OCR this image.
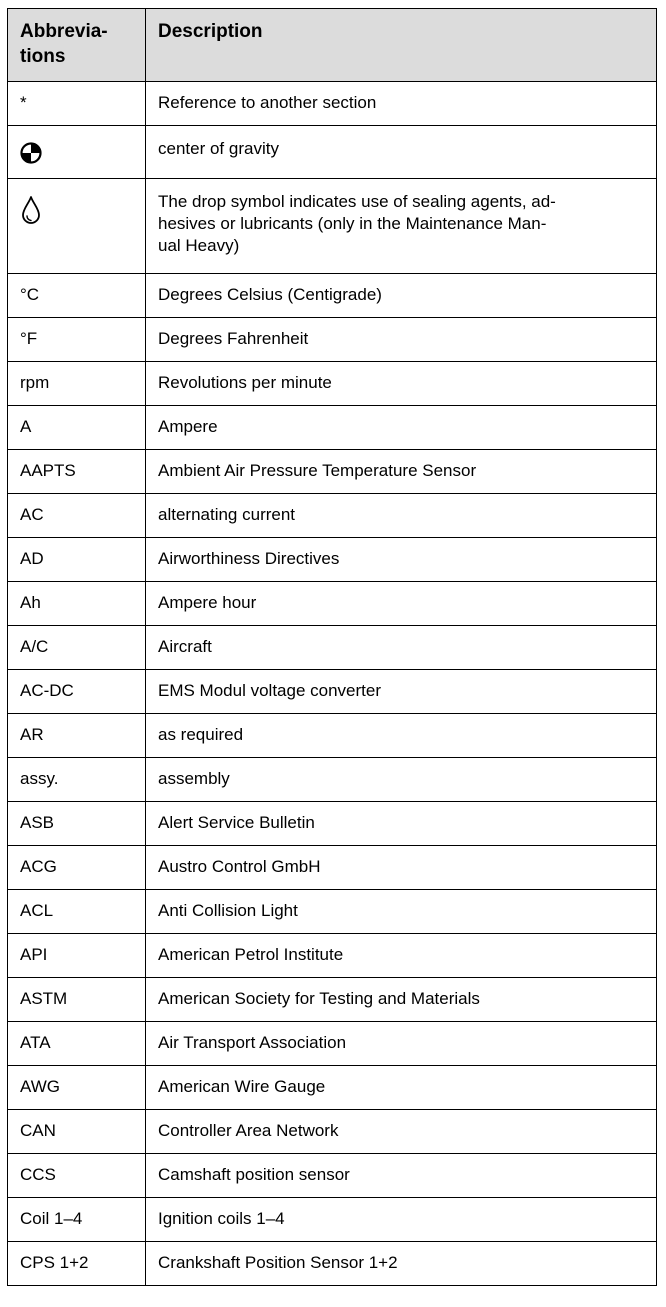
Abbrevia-
tions	Description
*	Reference to another section

	center of gravity

	The drop symbol indicates use of sealing agents, ad-
hesives or lubricants (only in the Maintenance Man-
ual Heavy)
°C	Degrees Celsius (Centigrade)
°F	Degrees Fahrenheit
rpm	Revolutions per minute
A	Ampere
AAPTS	Ambient Air Pressure Temperature Sensor
AC	alternating current
AD	Airworthiness Directives
Ah	Ampere hour
A/C	Aircraft
AC-DC	EMS Modul voltage converter
AR	as required
assy.	assembly
ASB	Alert Service Bulletin
ACG	Austro Control GmbH
ACL	Anti Collision Light
API	American Petrol Institute
ASTM	American Society for Testing and Materials
ATA	Air Transport Association
AWG	American Wire Gauge
CAN	Controller Area Network
CCS	Camshaft position sensor
Coil 1–4	Ignition coils 1–4
CPS 1+2	Crankshaft Position Sensor 1+2
